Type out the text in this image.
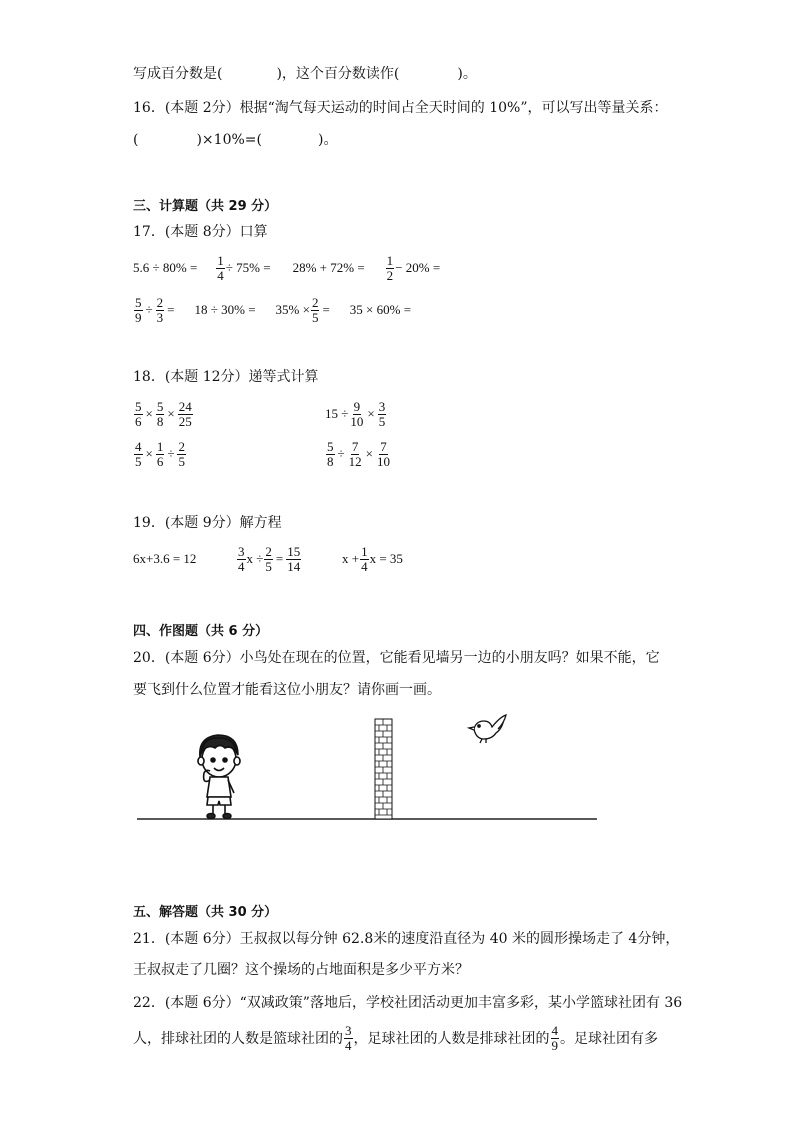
写成百分数是(	)，这个百分数读作(	)。
16．(本题 2分）根据“淘气每天运动的时间占全天时间的 10%”，可以写出等量关系：
(	)×10%=(	)。
三、计算题（共 29 分）
17．(本题 8分）口算
$5.6 \div 80\% = \frac{1}{4} \div 75\% = 28\% + 72\% = \frac{1}{2} - 20\%$ =
$\frac{5}{9} \div \frac{2}{3} = 18 \div 30\% = 35\% \times \frac{2}{5} = 35 \times 60\%$ =
18．(本题 12分）递等式计算
$\frac{5}{6} \times \frac{5}{8} \times \frac{24}{25}$	$15 \div \frac{9}{10} \times \frac{3}{5}$
$\frac{4}{5} \times \frac{1}{6} \div \frac{2}{5}$	$\frac{5}{8} \div \frac{7}{12} \times \frac{7}{10}$
19．(本题 9分）解方程
6x+3.6 = 12	$\frac{3}{4}$ $x \div \frac{2}{5} = \frac{15}{14}$	$x + \frac{1}{4}$ x = 35
四、作图题（共 6 分）
20．(本题 6分）小鸟处在现在的位置，它能看见墙另一边的小朋友吗？如果不能，它
要飞到什么位置才能看这位小朋友？请你画一画。
五、解答题（共 30 分）
21．(本题 6分）王叔叔以每分钟 62.8米的速度沿直径为 40 米的圆形操场走了 4分钟，
王叔叔走了几圈？这个操场的占地面积是多少平方米？
22．(本题 6分）“双减政策”落地后，学校社团活动更加丰富多彩，某小学篮球社团有 36
人，排球社团的人数是篮球社团的 $\frac{3}{4}$ ，足球社团的人数是排球社团的 $\frac{4}{9}$ 。足球社团有多
